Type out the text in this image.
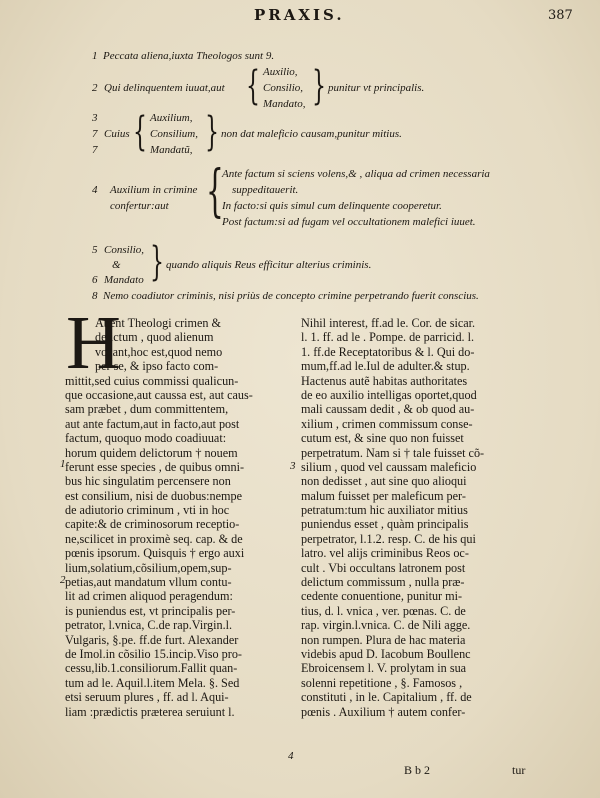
PRAXIS.	387
1 Peccata aliena,iuxta Theologos sunt 9.
2 Qui delinquentem iuuat,aut { Auxilio,
Consilio,
Mandato, } punitur vt principalis.
3
7
7
Cuius { Auxilium,
Consilium,
Mandatũ, } non dat maleficio causam,punitur mitius.
4 Auxilium in crimine
confertur:aut {
Ante factum si sciens volens,& , aliqua ad crimen necessaria
suppeditauerit.
In facto:si quis simul cum delinquente cooperetur.
Post factum:si ad fugam vel occultationem malefici iuuet.
5 Consilio,
&
6 Mandato } quando aliquis Reus efficitur alterius criminis.
8 Nemo coadiutor criminis, nisi priùs de concepto crimine perpetrando fuerit conscius.
H
Abent Theologi crimen &
delictum , quod alienum
vocant,hoc est,quod nemo
per se, & ipso facto com-
mittit,sed cuius commissi qualicun-
que occasione,aut caussa est, aut caus-
sam præbet , dum committentem,
aut ante factum,aut in facto,aut post
factum, quoquo modo coadiuuat:
horum quidem delictorum † nouem
ferunt esse species , de quibus omni-
bus hic singulatim percensere non
est consilium, nisi de duobus:nempe
de adiutorio criminum , vti in hoc
capite:& de criminosorum receptio-
ne,scilicet in proximè seq. cap. & de
pœnis ipsorum. Quisquis † ergo auxi
lium,solatium,cõsilium,opem,sup-
petias,aut mandatum vllum contu-
lit ad crimen aliquod peragendum:
is puniendus est, vt principalis per-
petrator, l.vnica, C.de rap.Virgin.l.
Vulgaris, §.pe. ff.de furt. Alexander
de Imol.in cõsilio 15.incip.Viso pro-
cessu,lib.1.consiliorum.Fallit quan-
tum ad le. Aquil.l.item Mela. §. Sed
etsi seruum plures , ff. ad l. Aqui-
liam :prædictis præterea seruiunt l.
Nihil interest, ff.ad le. Cor. de sicar.
l. 1. ff. ad le . Pompe. de parricid. l.
1. ff.de Receptatoribus & l. Qui do-
mum,ff.ad le.Iul de adulter.& stup.
Hactenus autẽ habitas authoritates
de eo auxilio intelligas oportet,quod
mali caussam dedit , & ob quod au-
xilium , crimen commissum conse-
cutum est, & sine quo non fuisset
perpetratum. Nam si † tale fuisset cõ-
silium , quod vel caussam maleficio
non dedisset , aut sine quo alioqui
malum fuisset per maleficum per-
petratum:tum hic auxiliator mitius
puniendus esset , quàm principalis
perpetrator, l.1.2. resp. C. de his qui
latro. vel alijs criminibus Reos oc-
cult . Vbi occultans latronem post
delictum commissum , nulla præ-
cedente conuentione, punitur mi-
tius, d. l. vnica , ver. pœnas. C. de
rap. virgin.l.vnica. C. de Nili agge.
non rumpen. Plura de hac materia
videbis apud D. Iacobum Boullenc
Ebroicensem l. V. prolytam in sua
solenni repetitione , §. Famosos ,
constituti , in le. Capitalium , ff. de
pœnis . Auxilium † autem confer-
1
2
3
4
B b 2	tur
